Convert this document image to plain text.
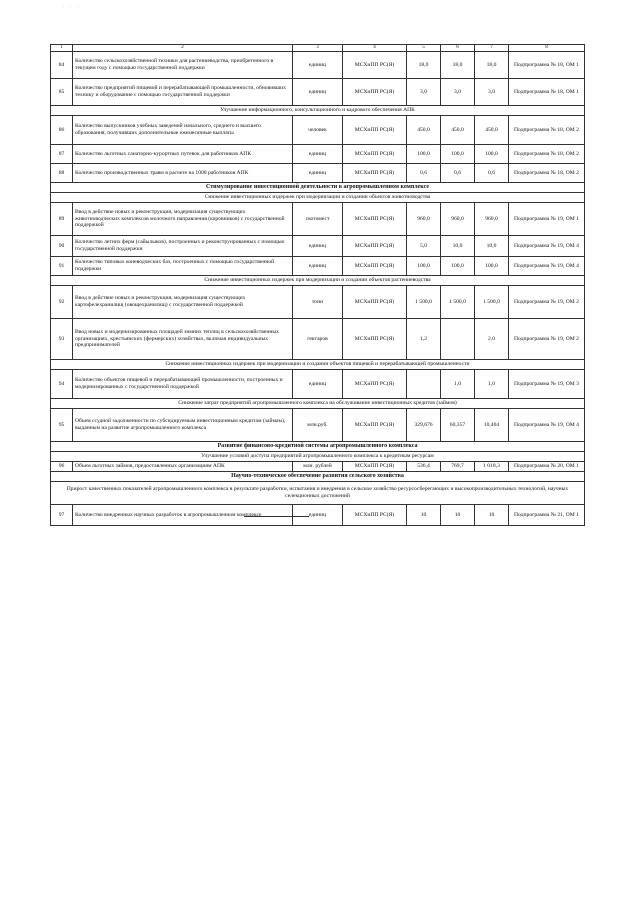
· · ·
1	2	3	4	5	6	7	8
84	Количество сельскохозяйственной техники для растениеводства, приобретенного в текущем году с помощью государственной поддержки	единиц	МСХиПП РС(Я)	18,0	18,0	18,0	Подпрограмма № 18, ОМ 1
85	Количество предприятий пищевой и перерабатывающей промышленности, обновивших технику и оборудование с помощью государственной поддержки	единиц	МСХиПП РС(Я)	3,0	3,0	3,0	Подпрограмма № 18, ОМ 1
Улучшение информационного, консультационного и кадрового обеспечения АПК							
86	Количество выпускников учебных заведений начального, среднего и высшего образования, получивших дополнительные ежемесячные выплаты	человек	МСХиПП РС(Я)	450,0	450,0	450,0	Подпрограмма № 18, ОМ 2
87	Количество льготных санаторно-курортных путевок для работников АПК	единиц	МСХиПП РС(Я)	100,0	100,0	100,0	Подпрограмма № 18, ОМ 2
88	Количество производственных травм в расчете на 1000 работников АПК	единиц	МСХиПП РС(Я)	0,6	0,6	0,6	Подпрограмма № 18, ОМ 2
Стимулирование инвестиционной деятельности в агропромышленном комплексе							
Снижение инвестиционных издержек при модернизации и создании объектов животноводства							
89	Ввод в действие новых и реконструкция, модернизация существующих животноводческих комплексов молочного направления (коровников) с государственной поддержкой	скотомест	МСХиПП РС(Я)	960,0	960,0	960,0	Подпрограмма № 19, ОМ 1
90	Количество летних ферм (сайылыков), построенных и реконструированных с помощью государственной поддержки	единиц	МСХиПП РС(Я)	5,0	10,0	10,0	Подпрограмма № 19, ОМ 4
91	Количество типовых коневодческих баз, построенных с помощью государственной поддержки	единиц	МСХиПП РС(Я)	100,0	100,0	100,0	Подпрограмма № 19, ОМ 4
Снижение инвестиционных издержек при модернизации и создании объектов растениеводства							
92	Ввод в действие новых и реконструкция, модернизация существующих картофелехранилищ (овощехранилищ) с государственной поддержкой	тонн	МСХиПП РС(Я)	1 500,0	1 500,0	1 500,0	Подпрограмма № 19, ОМ 2
93	Ввод новых и модернизированных площадей зимних теплиц в сельскохозяйственных организациях, крестьянских (фермерских) хозяйствах, включая индивидуальных предпринимателей	гектаров	МСХиПП РС(Я)	1,2		2,0	Подпрограмма № 19, ОМ 2
Снижение инвестиционных издержек при модернизации и создании объектов пищевой и перерабатывающей промышленности							
94	Количество объектов пищевой и перерабатывающей промышленности, построенных и модернизированных с государственной поддержкой	единиц	МСХиПП РС(Я)		1,0	1,0	Подпрограмма № 19, ОМ 3
Снижение затрат предприятий агропромышленного комплекса на обслуживание инвестиционных кредитов (займов)							
95	Объем ссудной задолженности по субсидируемым инвестиционным кредитам (займам), выданным на развитие агропромышленного комплекса	млн.руб.	МСХиПП РС(Я)	329,676	60,357	10,404	Подпрограмма № 19, ОМ 4
Развитие финансово-кредитной системы агропромышленного комплекса							
Улучшение условий доступа предприятий агропромышленного комплекса к кредитным ресурсам							
96	Объем льготных займов, предоставленных организациям АПК	млн. рублей	МСХиПП РС(Я)	536,4	769,7	1 018,3	Подпрограмма № 20, ОМ 1
Научно-техническое обеспечение развития сельского хозяйства							
Прирост качественных показателей агропромышленного комплекса в результате разработки, испытания и внедрения в сельское хозяйство ресурсосберегающих и высокопроизводительных технологий, научных селекционных достижений							
97	Количество внедренных научных разработок в агропромышленном комплексе	единиц	МСХиПП РС(Я)	10	10	10	Подпрограмма № 21, ОМ 1
